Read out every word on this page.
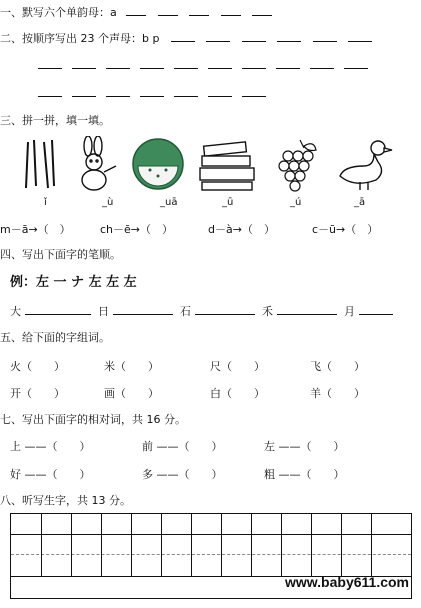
一、默写六个单韵母：a
二、按顺序写出 23 个声母：b p
三、拼一拼，填一填。
ǐ	_ù	_uā	_ū	_ú	_ā
m－ā→（　）	ch－ē→（　）	d－à→（　）	c－ū→（　）
四、写出下面字的笔顺。
例：左 一 ナ 左 左 左
大	日	石	禾	月
五、给下面的字组词。
火（　　）	米（　　）	尺（　　）	飞（　　）
开（　　）	画（　　）	白（　　）	羊（　　）
七、写出下面字的相对词，共 16 分。
上 ——（　　）	前 ——（　　）	左 ——（　　）
好 ——（　　）	多 ——（　　）	粗 ——（　　）
八、听写生字，共 13 分。
www.baby611.com
